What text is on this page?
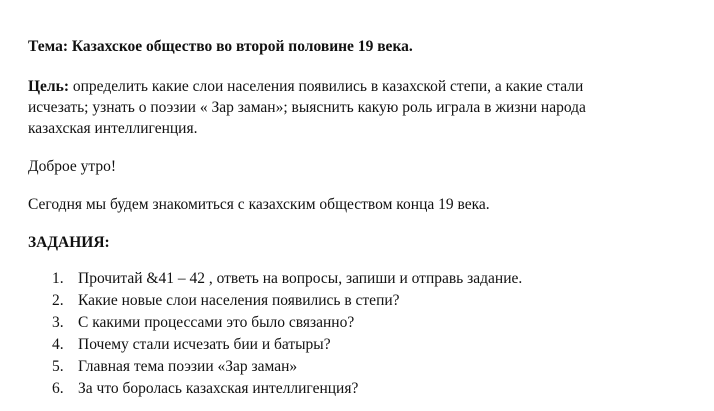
Тема: Казахское общество во второй половине 19 века.
Цель: определить какие слои населения появились в казахской степи, а какие стали
исчезать; узнать о поэзии « Зар заман»; выяснить какую роль играла в жизни народа
казахская интеллигенция.
Доброе утро!
Сегодня мы будем знакомиться с казахским обществом конца 19 века.
ЗАДАНИЯ:
1. Прочитай &41 – 42 , ответь на вопросы, запиши и отправь задание.
2. Какие новые слои населения появились в степи?
3. С какими процессами это было связанно?
4. Почему стали исчезать бии и батыры?
5. Главная тема поэзии «Зар заман»
6. За что боролась казахская интеллигенция?
